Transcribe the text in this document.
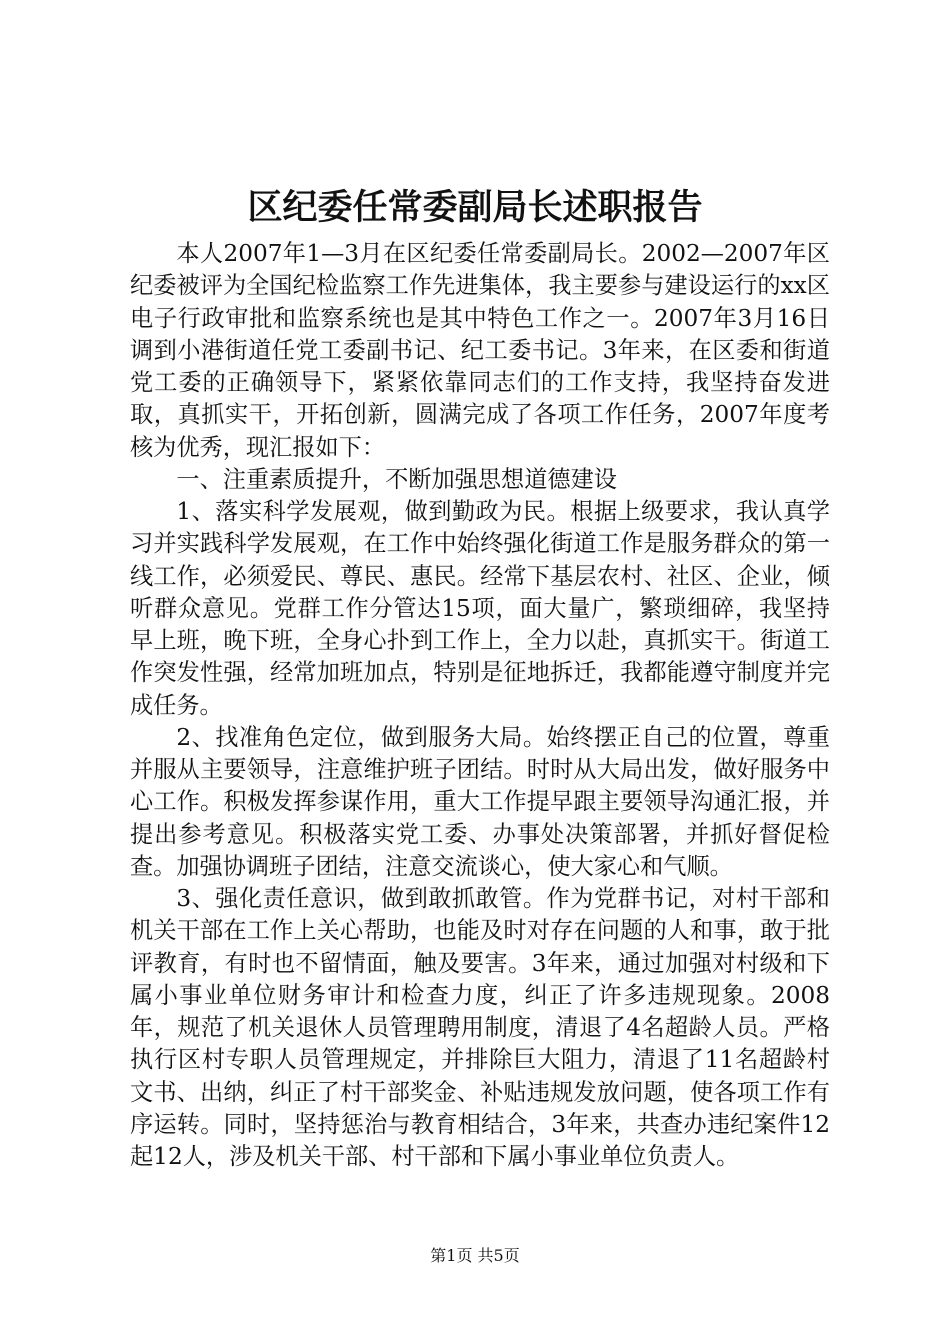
区纪委任常委副局长述职报告

本人2007年1—3月在区纪委任常委副局长。2002—2007年区纪委被评为全国纪检监察工作先进集体，我主要参与建设运行的xx区电子行政审批和监察系统也是其中特色工作之一。2007年3月16日调到小港街道任党工委副书记、纪工委书记。3年来，在区委和街道党工委的正确领导下，紧紧依靠同志们的工作支持，我坚持奋发进取，真抓实干，开拓创新，圆满完成了各项工作任务，2007年度考核为优秀，现汇报如下：

一、注重素质提升，不断加强思想道德建设

1、落实科学发展观，做到勤政为民。根据上级要求，我认真学习并实践科学发展观，在工作中始终强化街道工作是服务群众的第一线工作，必须爱民、尊民、惠民。经常下基层农村、社区、企业，倾听群众意见。党群工作分管达15项，面大量广，繁琐细碎，我坚持早上班，晚下班，全身心扑到工作上，全力以赴，真抓实干。街道工作突发性强，经常加班加点，特别是征地拆迁，我都能遵守制度并完成任务。

2、找准角色定位，做到服务大局。始终摆正自己的位置，尊重并服从主要领导，注意维护班子团结。时时从大局出发，做好服务中心工作。积极发挥参谋作用，重大工作提早跟主要领导沟通汇报，并提出参考意见。积极落实党工委、办事处决策部署，并抓好督促检查。加强协调班子团结，注意交流谈心，使大家心和气顺。

3、强化责任意识，做到敢抓敢管。作为党群书记，对村干部和机关干部在工作上关心帮助，也能及时对存在问题的人和事，敢于批评教育，有时也不留情面，触及要害。3年来，通过加强对村级和下属小事业单位财务审计和检查力度，纠正了许多违规现象。2008年，规范了机关退休人员管理聘用制度，清退了4名超龄人员。严格执行区村专职人员管理规定，并排除巨大阻力，清退了11名超龄村文书、出纳，纠正了村干部奖金、补贴违规发放问题，使各项工作有序运转。同时，坚持惩治与教育相结合，3年来，共查办违纪案件12起12人，涉及机关干部、村干部和下属小事业单位负责人。

第1页 共5页
